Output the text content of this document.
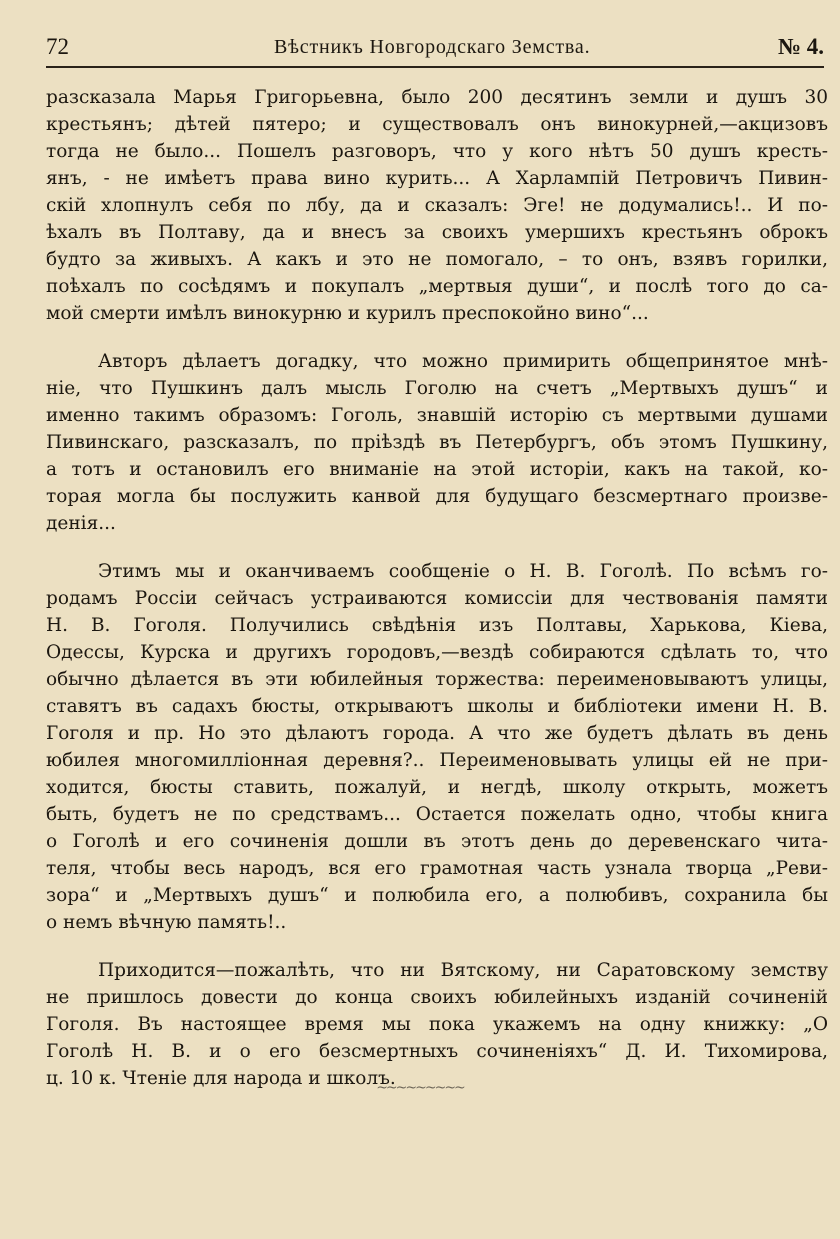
72	Вѣстникъ Новгородскаго Земства.	№ 4.
разсказала Марья Григорьевна, было 200 десятинъ земли и душъ 30
крестьянъ; дѣтей пятеро; и существовалъ онъ винокурней,—акцизовъ
тогда не было... Пошелъ разговоръ, что у кого нѣтъ 50 душъ кресть-
янъ, - не имѣетъ права вино курить... А Харлампій Петровичъ Пивин-
скій хлопнулъ себя по лбу, да и сказалъ: Эге! не додумались!.. И по-
ѣхалъ въ Полтаву, да и внесъ за своихъ умершихъ крестьянъ оброкъ
будто за живыхъ. А какъ и это не помогало, – то онъ, взявъ горилки,
поѣхалъ по сосѣдямъ и покупалъ „мертвыя души“, и послѣ того до са-
мой смерти имѣлъ винокурню и курилъ преспокойно вино“...
Авторъ дѣлаетъ догадку, что можно примирить общепринятое мнѣ-
ніе, что Пушкинъ далъ мысль Гоголю на счетъ „Мертвыхъ душъ“ и
именно такимъ образомъ: Гоголь, знавшій исторію съ мертвыми душами
Пивинскаго, разсказалъ, по пріѣздѣ въ Петербургъ, объ этомъ Пушкину,
а тотъ и остановилъ его вниманіе на этой исторіи, какъ на такой, ко-
торая могла бы послужить канвой для будущаго безсмертнаго произве-
денія...
Этимъ мы и оканчиваемъ сообщеніе о Н. В. Гоголѣ. По всѣмъ го-
родамъ Россіи сейчасъ устраиваются комиссіи для чествованія памяти
Н. В. Гоголя. Получились свѣдѣнія изъ Полтавы, Харькова, Кіева,
Одессы, Курска и другихъ городовъ,—вездѣ собираются сдѣлать то, что
обычно дѣлается въ эти юбилейныя торжества: переименовываютъ улицы,
ставятъ въ садахъ бюсты, открываютъ школы и библіотеки имени Н. В.
Гоголя и пр. Но это дѣлаютъ города. А что же будетъ дѣлать въ день
юбилея многомилліонная деревня?.. Переименовывать улицы ей не при-
ходится, бюсты ставить, пожалуй, и негдѣ, школу открыть, можетъ
быть, будетъ не по средствамъ... Остается пожелать одно, чтобы книга
о Гоголѣ и его сочиненія дошли въ этотъ день до деревенскаго чита-
теля, чтобы весь народъ, вся его грамотная часть узнала творца „Реви-
зора“ и „Мертвыхъ душъ“ и полюбила его, а полюбивъ, сохранила бы
о немъ вѣчную память!..
Приходится—пожалѣть, что ни Вятскому, ни Саратовскому земству
не пришлось довести до конца своихъ юбилейныхъ изданій сочиненій
Гоголя. Въ настоящее время мы пока укажемъ на одну книжку: „О
Гоголѣ Н. В. и о его безсмертныхъ сочиненіяхъ“ Д. И. Тихомирова,
ц. 10 к. Чтеніе для народа и школъ.
~~~~~~~~~
